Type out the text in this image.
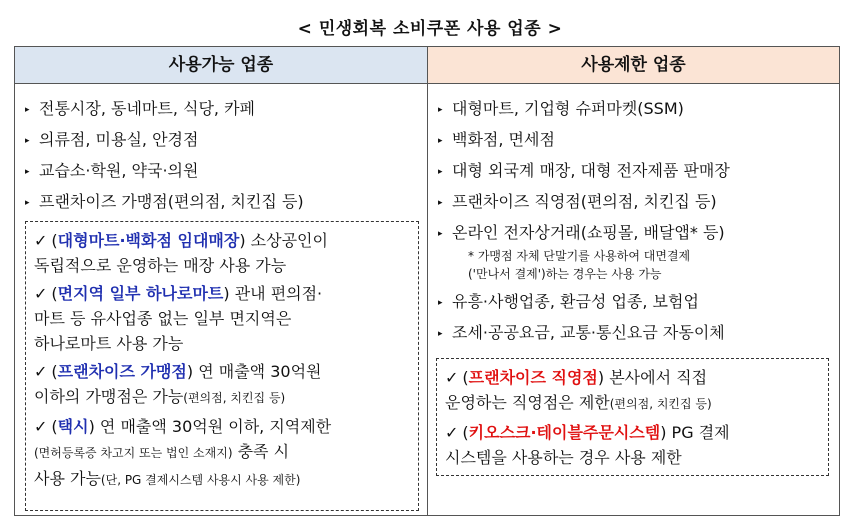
< 민생회복 소비쿠폰 사용 업종 >
사용가능 업종
▸ 전통시장, 동네마트, 식당, 카페
▸ 의류점, 미용실, 안경점
▸ 교습소·학원, 약국·의원
▸ 프랜차이즈 가맹점(편의점, 치킨집 등)
✓ (대형마트·백화점 임대매장) 소상공인이
독립적으로 운영하는 매장 사용 가능
✓ (면지역 일부 하나로마트) 관내 편의점·
마트 등 유사업종 없는 일부 면지역은
하나로마트 사용 가능
✓ (프랜차이즈 가맹점) 연 매출액 30억원
이하의 가맹점은 가능(편의점, 치킨집 등)
✓ (택시) 연 매출액 30억원 이하, 지역제한
(면허등록증 차고지 또는 법인 소재지) 충족 시
사용 가능(단, PG 결제시스템 사용시 사용 제한)
사용제한 업종
▸ 대형마트, 기업형 슈퍼마켓(SSM)
▸ 백화점, 면세점
▸ 대형 외국계 매장, 대형 전자제품 판매장
▸ 프랜차이즈 직영점(편의점, 치킨집 등)
▸ 온라인 전자상거래(쇼핑몰, 배달앱* 등)
* 가맹점 자체 단말기를 사용하여 대면결제
('만나서 결제')하는 경우는 사용 가능
▸ 유흥·사행업종, 환금성 업종, 보험업
▸ 조세·공공요금, 교통·통신요금 자동이체
✓ (프랜차이즈 직영점) 본사에서 직접
운영하는 직영점은 제한(편의점, 치킨집 등)
✓ (키오스크·테이블주문시스템) PG 결제
시스템을 사용하는 경우 사용 제한
